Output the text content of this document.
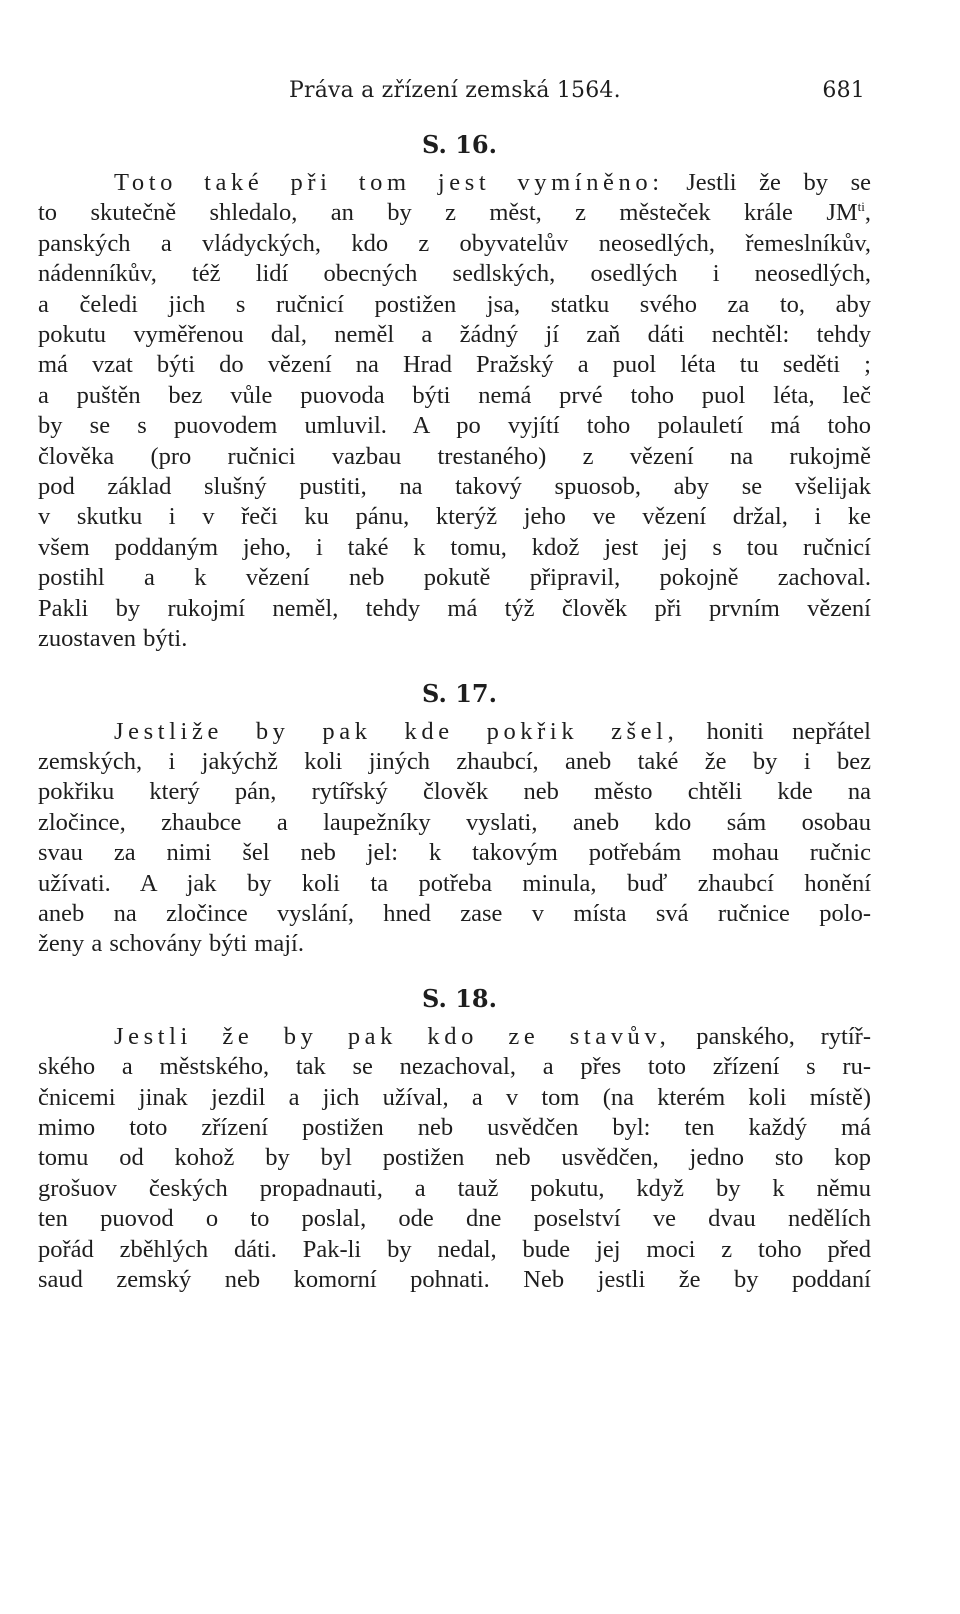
Práva a zřízení zemská 1564.	681
S. 16.
Toto také při tom jest vymíněno: Jestli že by se
to skutečně shledalo, an by z měst, z městeček krále $JM^{ti}$,
panských a vládyckých, kdo z obyvatelův neosedlých, řemeslníkův,
nádenníkův, též lidí obecných sedlských, osedlých i neosedlých,
a čeledi jich s ručnicí postižen jsa, statku svého za to, aby
pokutu vyměřenou dal, neměl a žádný jí zaň dáti nechtěl: tehdy
má vzat býti do vězení na Hrad Pražský a puol léta tu seděti ;
a puštěn bez vůle puovoda býti nemá prvé toho puol léta, leč
by se s puovodem umluvil. A po vyjítí toho polauletí má toho
člověka (pro ručnici vazbau trestaného) z vězení na rukojmě
pod základ slušný pustiti, na takový spuosob, aby se všelijak
v skutku i v řeči ku pánu, kterýž jeho ve vězení držal, i ke
všem poddaným jeho, i také k tomu, kdož jest jej s tou ručnicí
postihl a k vězení neb pokutě připravil, pokojně zachoval.
Pakli by rukojmí neměl, tehdy má týž člověk při prvním vězení
zuostaven býti.
S. 17.
Jestliže by pak kde pokřik zšel, honiti nepřátel
zemských, i jakýchž koli jiných zhaubcí, aneb také že by i bez
pokřiku který pán, rytířský člověk neb město chtěli kde na
zločince, zhaubce a laupežníky vyslati, aneb kdo sám osobau
svau za nimi šel neb jel: k takovým potřebám mohau ručnic
užívati. A jak by koli ta potřeba minula, buď zhaubcí honění
aneb na zločince vyslání, hned zase v místa svá ručnice polo-
ženy a schovány býti mají.
S. 18.
Jestli že by pak kdo ze stavův, panského, rytíř-
ského a městského, tak se nezachoval, a přes toto zřízení s ru-
čnicemi jinak jezdil a jich užíval, a v tom (na kterém koli místě)
mimo toto zřízení postižen neb usvědčen byl: ten každý má
tomu od kohož by byl postižen neb usvědčen, jedno sto kop
grošuov českých propadnauti, a tauž pokutu, když by k němu
ten puovod o to poslal, ode dne poselství ve dvau nedělích
pořád zběhlých dáti. Pak-li by nedal, bude jej moci z toho před
saud zemský neb komorní pohnati. Neb jestli že by poddaní
